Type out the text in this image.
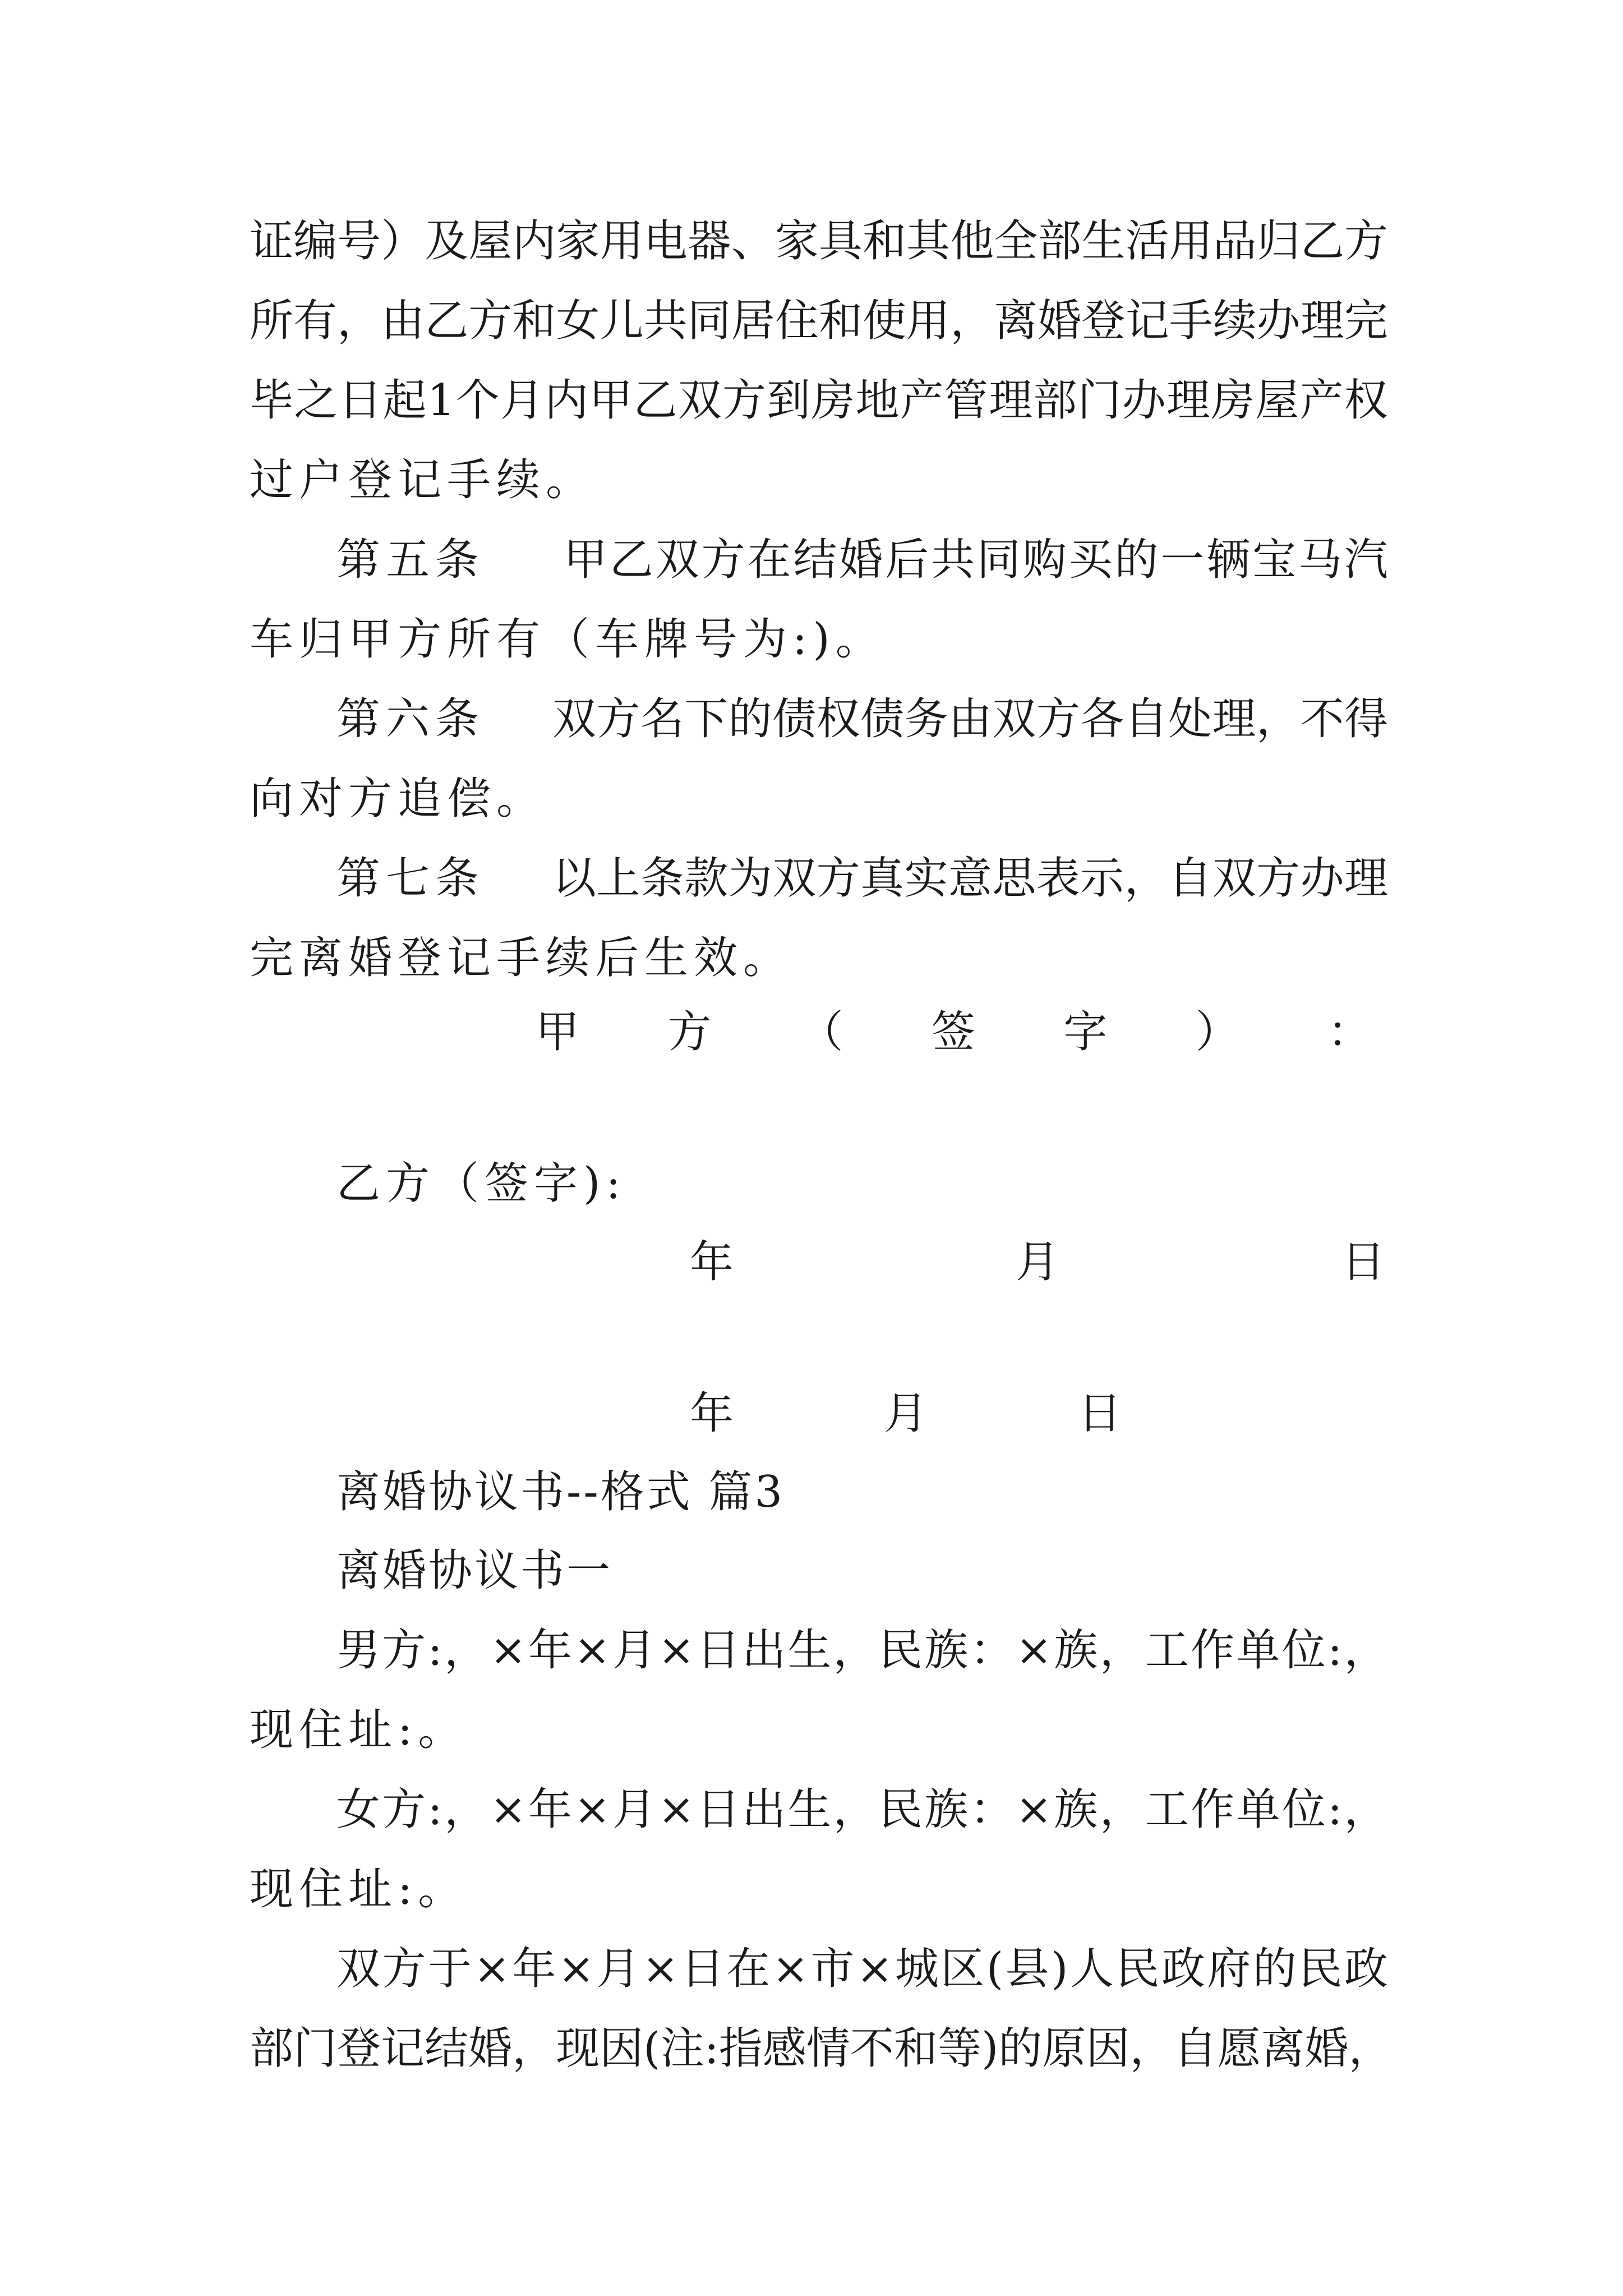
证 编 号 ） 及 屋 内 家 用 电 器 、 家 具 和 其 他 全 部 生 活 用 品 归 乙 方
所 有 ， 由 乙 方 和 女 儿 共 同 居 住 和 使 用 ， 离 婚 登 记 手 续 办 理 完
毕 之 日 起 1 个 月 内 甲 乙 双 方 到 房 地 产 管 理 部 门 办 理 房 屋 产 权
过户登记手续。
第五条	甲 乙 双 方 在 结 婚 后 共 同 购 买 的 一 辆 宝 马 汽
车归甲方所有（车牌号为:)。
第六条	双 方 名 下 的 债 权 债 务 由 双 方 各 自 处 理 ， 不 得
向对方追偿。
第七条	以 上 条 款 为 双 方 真 实 意 思 表 示 ， 自 双 方 办 理
完离婚登记手续后生效。
甲 方 （ 签 字 ） ：
乙方（签字):
年	月	日
年	月	日
离婚协议书--格式 篇3
离婚协议书一
男 方 : ， × 年 × 月 × 日 出 生 ， 民 族 ： × 族 ， 工 作 单 位 : ，
现住址:。
女 方 : ， × 年 × 月 × 日 出 生 ， 民 族 ： × 族 ， 工 作 单 位 : ，
现住址:。
双 方 于 × 年 × 月 × 日 在 × 市 × 城 区 ( 县 ) 人 民 政 府 的 民 政
部 门 登 记 结 婚 ， 现 因 ( 注 : 指 感 情 不 和 等 ) 的 原 因 ， 自 愿 离 婚 ，
